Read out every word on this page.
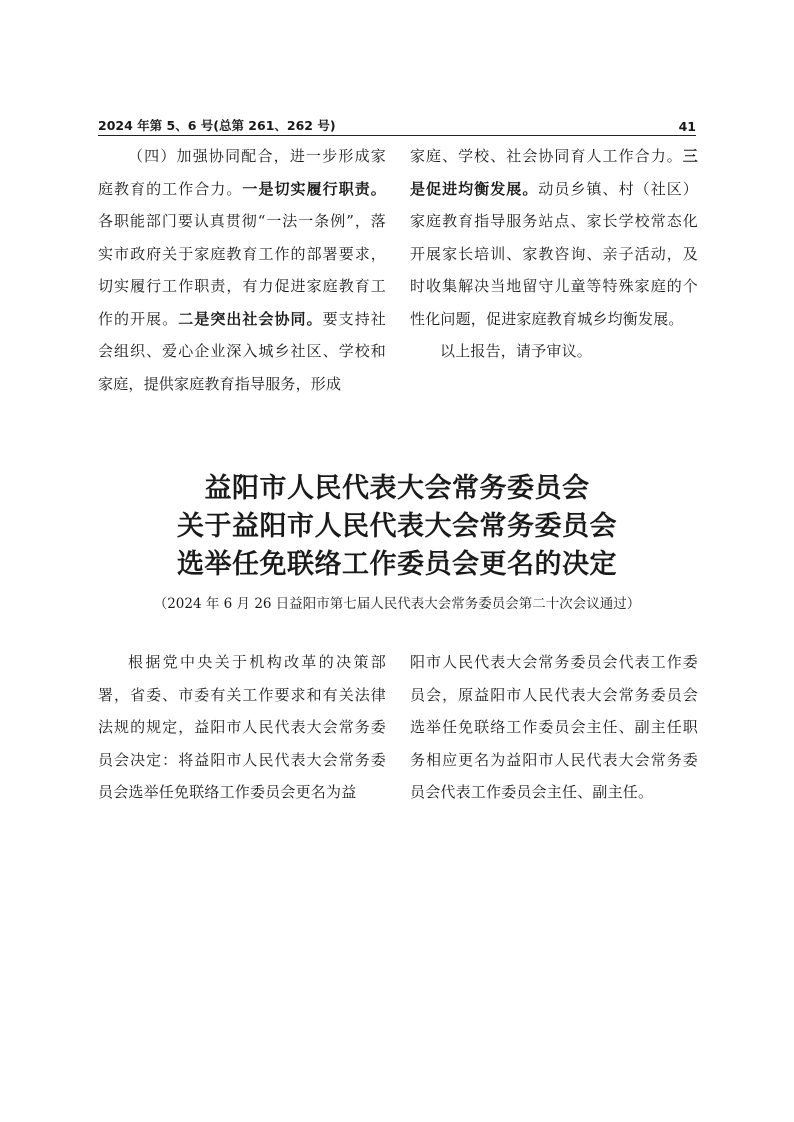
2024 年第 5、6 号(总第 261、262 号)	41

（四）加强协同配合，进一步形成家庭教育的工作合力。一是切实履行职责。各职能部门要认真贯彻“一法一条例”，落实市政府关于家庭教育工作的部署要求，切实履行工作职责，有力促进家庭教育工作的开展。二是突出社会协同。要支持社会组织、爱心企业深入城乡社区、学校和家庭，提供家庭教育指导服务，形成

家庭、学校、社会协同育人工作合力。三是促进均衡发展。动员乡镇、村（社区）家庭教育指导服务站点、家长学校常态化开展家长培训、家教咨询、亲子活动，及时收集解决当地留守儿童等特殊家庭的个性化问题，促进家庭教育城乡均衡发展。

以上报告，请予审议。

益阳市人民代表大会常务委员会
关于益阳市人民代表大会常务委员会
选举任免联络工作委员会更名的决定
（2024 年 6 月 26 日益阳市第七届人民代表大会常务委员会第二十次会议通过）

根据党中央关于机构改革的决策部署，省委、市委有关工作要求和有关法律法规的规定，益阳市人民代表大会常务委员会决定：将益阳市人民代表大会常务委员会选举任免联络工作委员会更名为益

阳市人民代表大会常务委员会代表工作委员会，原益阳市人民代表大会常务委员会选举任免联络工作委员会主任、副主任职务相应更名为益阳市人民代表大会常务委员会代表工作委员会主任、副主任。
